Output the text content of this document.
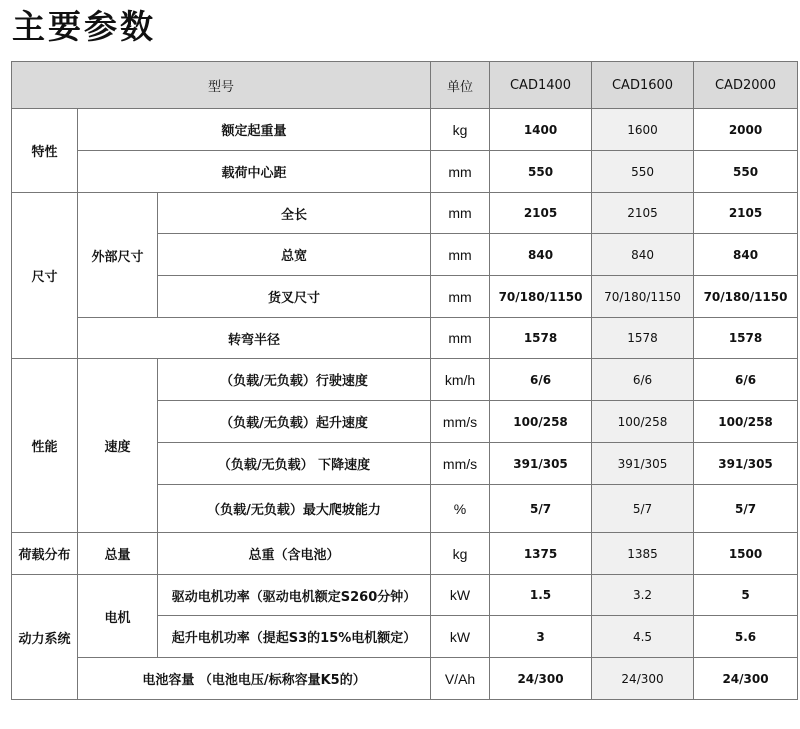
主要参数
型号			单位	CAD1400	CAD1600	CAD2000
特性	额定起重量		kg	1400	1600	2000
	载荷中心距		mm	550	550	550
尺寸	外部尺寸	全长	mm	2105	2105	2105
		总宽	mm	840	840	840
		货叉尺寸	mm	70/180/1150	70/180/1150	70/180/1150
	转弯半径		mm	1578	1578	1578
性能	速度	（负载/无负载）行驶速度	km/h	6/6	6/6	6/6
		（负载/无负载）起升速度	mm/s	100/258	100/258	100/258
		（负载/无负载） 下降速度	mm/s	391/305	391/305	391/305
		（负载/无负载）最大爬坡能力	%	5/7	5/7	5/7
荷载分布	总量	总重（含电池）	kg	1375	1385	1500
动力系统	电机	驱动电机功率（驱动电机额定S260分钟）	kW	1.5	3.2	5
		起升电机功率（提起S3的15%电机额定）	kW	3	4.5	5.6
	电池容量 （电池电压/标称容量K5的）		V/Ah	24/300	24/300	24/300
